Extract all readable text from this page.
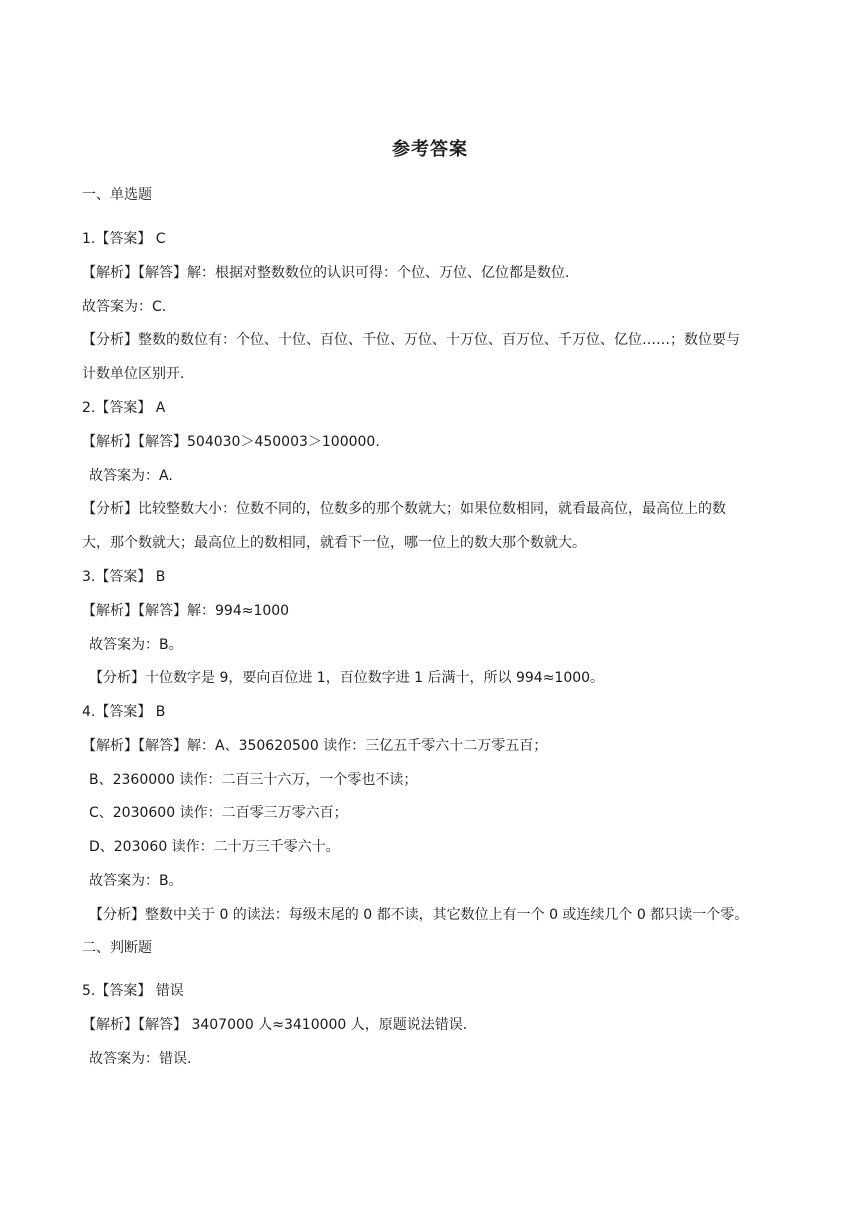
参考答案
一、单选题
1.【答案】 C
【解析】【解答】解：根据对整数数位的认识可得：个位、万位、亿位都是数位.
故答案为：C.
【分析】整数的数位有：个位、十位、百位、千位、万位、十万位、百万位、千万位、亿位……；数位要与
计数单位区别开.
2.【答案】 A
【解析】【解答】504030＞450003＞100000.
故答案为：A.
【分析】比较整数大小：位数不同的，位数多的那个数就大；如果位数相同，就看最高位，最高位上的数
大，那个数就大；最高位上的数相同，就看下一位，哪一位上的数大那个数就大。
3.【答案】 B
【解析】【解答】解：994≈1000
故答案为：B。
【分析】十位数字是 9，要向百位进 1，百位数字进 1 后满十，所以 994≈1000。
4.【答案】 B
【解析】【解答】解：A、350620500 读作：三亿五千零六十二万零五百；
B、2360000 读作：二百三十六万，一个零也不读；
C、2030600 读作：二百零三万零六百；
D、203060 读作：二十万三千零六十。
故答案为：B。
【分析】整数中关于 0 的读法：每级末尾的 0 都不读，其它数位上有一个 0 或连续几个 0 都只读一个零。
二、判断题
5.【答案】 错误
【解析】【解答】 3407000 人≈3410000 人，原题说法错误.
故答案为：错误.
